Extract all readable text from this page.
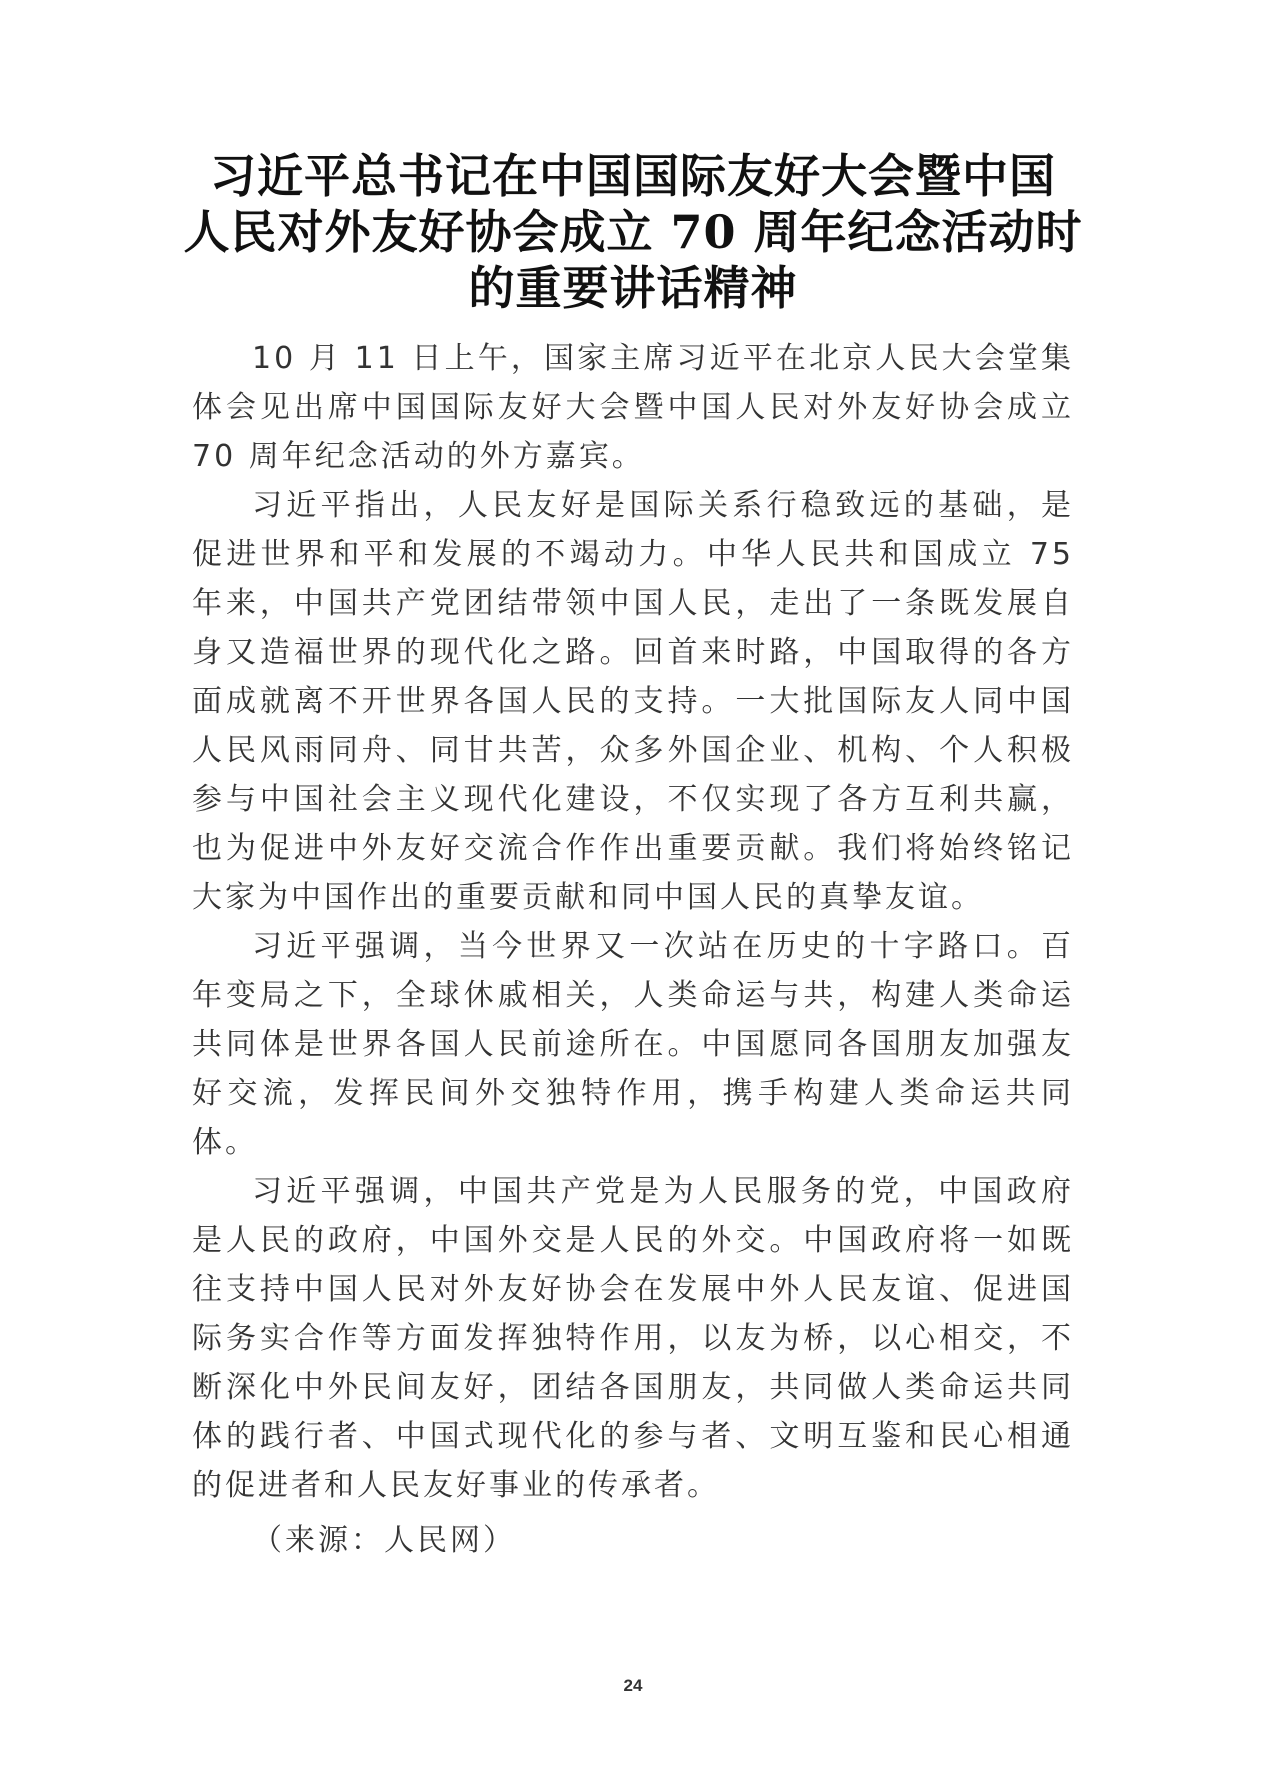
习近平总书记在中国国际友好大会暨中国
人民对外友好协会成立 70 周年纪念活动时
的重要讲话精神

10 月 11 日上午，国家主席习近平在北京人民大会堂集体会见出席中国国际友好大会暨中国人民对外友好协会成立 70 周年纪念活动的外方嘉宾。

习近平指出，人民友好是国际关系行稳致远的基础，是促进世界和平和发展的不竭动力。中华人民共和国成立 75 年来，中国共产党团结带领中国人民，走出了一条既发展自身又造福世界的现代化之路。回首来时路，中国取得的各方面成就离不开世界各国人民的支持。一大批国际友人同中国人民风雨同舟、同甘共苦，众多外国企业、机构、个人积极参与中国社会主义现代化建设，不仅实现了各方互利共赢，也为促进中外友好交流合作作出重要贡献。我们将始终铭记大家为中国作出的重要贡献和同中国人民的真挚友谊。

习近平强调，当今世界又一次站在历史的十字路口。百年变局之下，全球休戚相关，人类命运与共，构建人类命运共同体是世界各国人民前途所在。中国愿同各国朋友加强友好交流，发挥民间外交独特作用，携手构建人类命运共同体。

习近平强调，中国共产党是为人民服务的党，中国政府是人民的政府，中国外交是人民的外交。中国政府将一如既往支持中国人民对外友好协会在发展中外人民友谊、促进国际务实合作等方面发挥独特作用，以友为桥，以心相交，不断深化中外民间友好，团结各国朋友，共同做人类命运共同体的践行者、中国式现代化的参与者、文明互鉴和民心相通的促进者和人民友好事业的传承者。

（来源：人民网）

24
